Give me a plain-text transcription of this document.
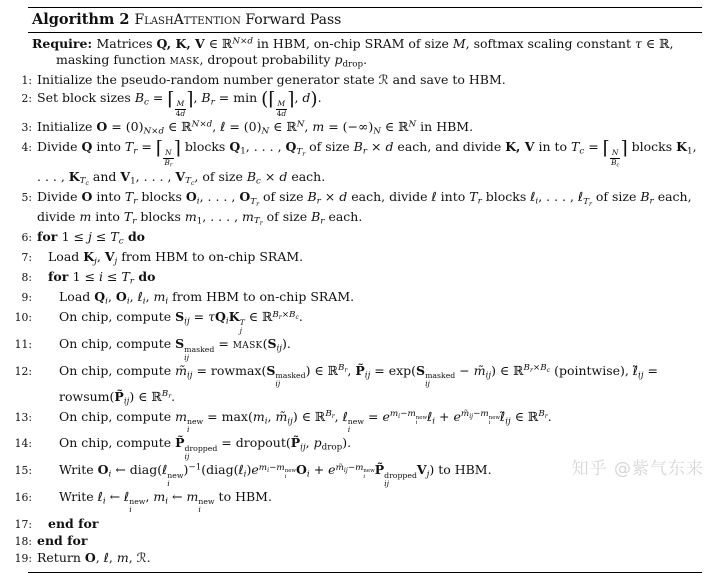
Algorithm 2 FlashAttention Forward Pass
Require: Matrices Q, K, V ∈ ℝ$^{N\times d}$ in HBM, on-chip SRAM of size M, softmax scaling constant τ ∈ ℝ, masking function mask, dropout probability $p_{drop}$.
1: Initialize the pseudo-random number generator state ℛ and save to HBM.
2: Set block sizes $B_c$ = ⌈ $\frac{M}{4d}$ ⌉, $B_r = \min$ (⌈ $\frac{M}{4d}$ ⌉, d).
3: Initialize $O = (0)_{N\times d}$ ∈ ℝ$^{N\times d}$, ℓ = $(0)_N$ ∈ ℝ$^N$, $m = (-\infty)_N$ ∈ ℝ$^N$ in HBM.
4: Divide Q into $T_r$ = ⌈ $\frac{N}{B_r}$ ⌉ blocks $Q_1$, . . . , $Q_{T_r}$ of size $B_r \times d$ each, and divide K, V in to $T_c$ = ⌈ $\frac{N}{B_c}$ ⌉ blocks $K_1$, . . . , $K_{T_c}$ and $V_1$, . . . , $V_{T_c}$, of size $B_c \times d$ each.
5: Divide O into $T_r$ blocks $O_i$, . . . , $O_{T_r}$ of size $B_r \times d$ each, divide ℓ into $T_r$ blocks ℓ$_i$, . . . , ℓ$_{T_r}$ of size $B_r$ each, divide m into $T_r$ blocks $m_1$, . . . , $m_{T_r}$ of size $B_r$ each.
6: for $1 \le j \le T_c$ do
7:	Load $K_j$, $V_j$ from HBM to on-chip SRAM.
8:	for $1 \le i \le T_r$ do
9:	Load $Q_i$, $O_i$, ℓ$_i$, $m_i$ from HBM to on-chip SRAM.
10:	On chip, compute $S_{ij} = \tau Q_iK$ T
j
∈ ℝ$^{B_r\times B_c}$.
11:	On chip, compute S masked
ij
= $mask(S_{ij})$.
12:	On chip, compute $m̃_{ij} = rowmax(S$ masked
ij
) ∈ ℝ$^{B_r}$, $P̃_{ij} = \exp(S$ masked
ij
− $m̃_{ij}$) ∈ ℝ$^{B_r\times B_c}$ (pointwise), $\ell̃_{ij}$ = $rowsum(P̃_{ij})$ ∈ ℝ$^{B_r}$.
13:	On chip, compute m new
i
= $\max(m_i$, $m̃_{ij}$) ∈ ℝ$^{B_r}$, ℓ new
i
= $e^{m_i-m new i}$ ℓ$_i$ + $e^{m̃_{ij}-m new i}$ $\ell̃_{ij}$ ∈ ℝ$^{B_r}$.
14:	On chip, compute P̃ dropped
ij
= $dropout(P̃_{ij}$, $p_{drop}$).
15:	Write $O_i$ ← diag(ℓ new
i
)$^{-1}(diag(\ell_i)e^{m_i-m new i}$ $O_i + e^{m̃_{ij}-m new i}$ P̃ dropped
ij
$V_j$) to HBM.
16:	Write ℓ$_i$ ← ℓ new
i
, $m_i$ ← m new
i
to HBM.
17:	end for
18: end for
19: Return O, ℓ, m, ℛ.
知乎 @紫气东来
